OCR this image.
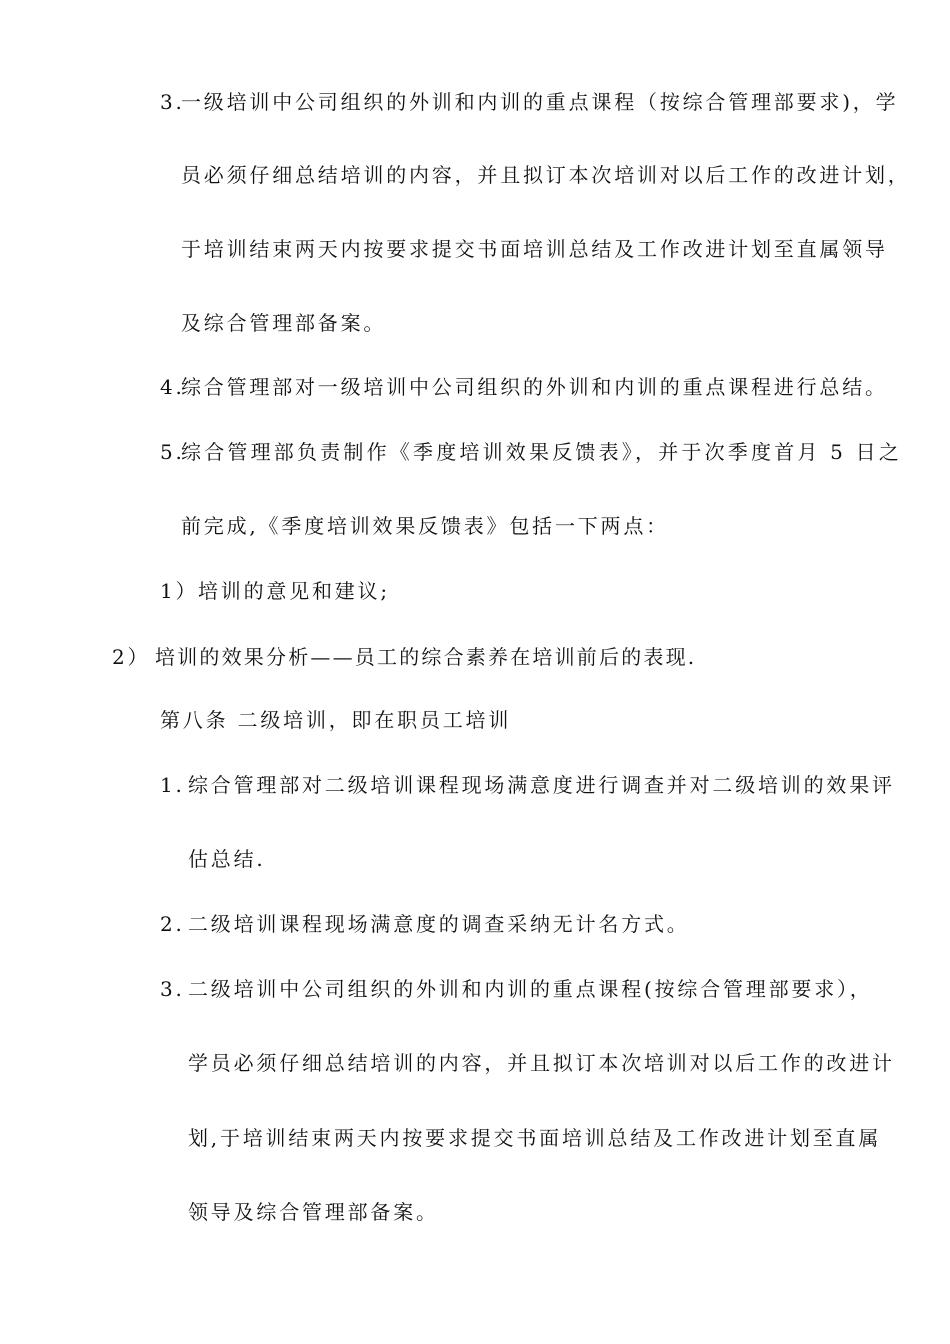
3.
一级培训中公司组织的外训和内训的重点课程（按综合管理部要求)，学
员必须仔细总结培训的内容，并且拟订本次培训对以后工作的改进计划，
于培训结束两天内按要求提交书面培训总结及工作改进计划至直属领导
及综合管理部备案。
4.
综合管理部对一级培训中公司组织的外训和内训的重点课程进行总结。
5.
综合管理部负责制作《季度培训效果反馈表》，并于次季度首月 5 日之
前完成,《季度培训效果反馈表》包括一下两点：
1） 培训的意见和建议;
2） 培训的效果分析——员工的综合素养在培训前后的表现.
第八条 二级培训，即在职员工培训
1. 综合管理部对二级培训课程现场满意度进行调查并对二级培训的效果评
估总结.
2. 二级培训课程现场满意度的调查采纳无计名方式。
3. 二级培训中公司组织的外训和内训的重点课程(按综合管理部要求），
学员必须仔细总结培训的内容，并且拟订本次培训对以后工作的改进计
划,于培训结束两天内按要求提交书面培训总结及工作改进计划至直属
领导及综合管理部备案。
